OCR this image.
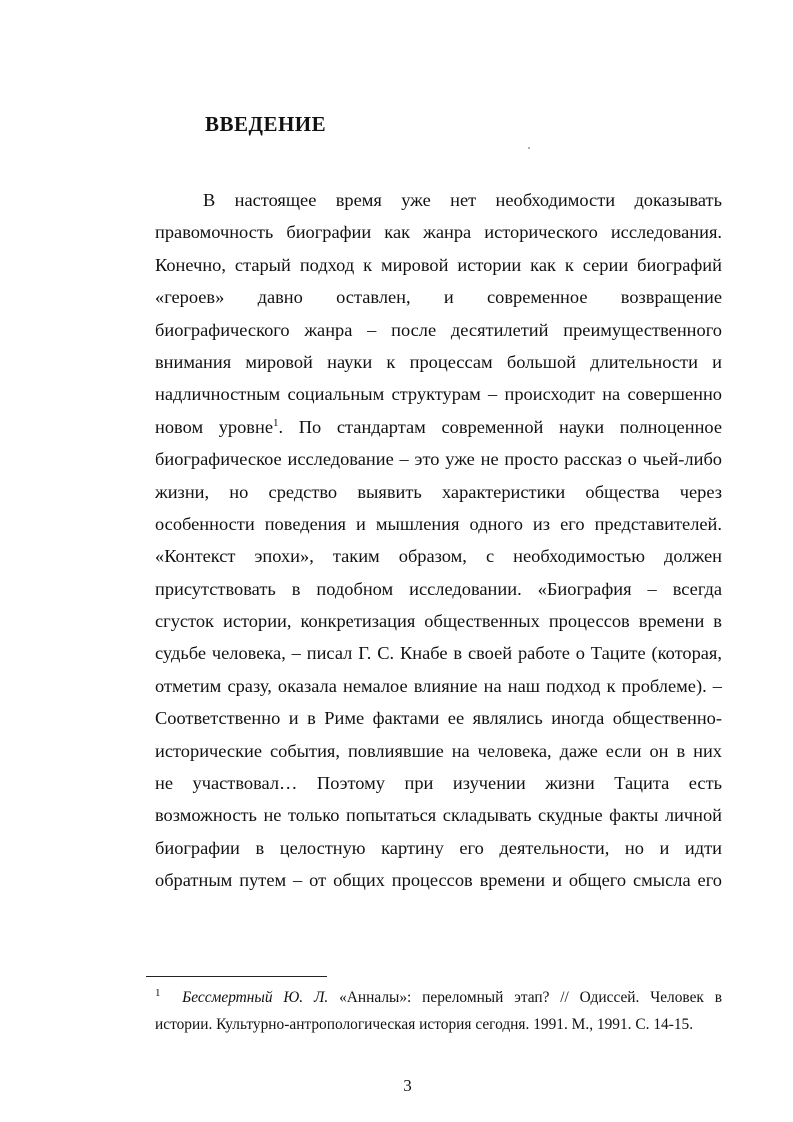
ВВЕДЕНИЕ
В настоящее время уже нет необходимости доказывать
правомочность биографии как жанра исторического исследования.
Конечно, старый подход к мировой истории как к серии биографий
«героев» давно оставлен, и современное возвращение
биографического жанра – после десятилетий преимущественного
внимания мировой науки к процессам большой длительности и
надличностным социальным структурам – происходит на совершенно
новом уровне$^1$. По стандартам современной науки полноценное
биографическое исследование – это уже не просто рассказ о чьей-либо
жизни, но средство выявить характеристики общества через
особенности поведения и мышления одного из его представителей.
«Контекст эпохи», таким образом, с необходимостью должен
присутствовать в подобном исследовании. «Биография – всегда
сгусток истории, конкретизация общественных процессов времени в
судьбе человека, – писал Г. С. Кнабе в своей работе о Таците (которая,
отметим сразу, оказала немалое влияние на наш подход к проблеме). –
Соответственно и в Риме фактами ее являлись иногда общественно-
исторические события, повлиявшие на человека, даже если он в них
не участвовал… Поэтому при изучении жизни Тацита есть
возможность не только попытаться складывать скудные факты личной
биографии в целостную картину его деятельности, но и идти
обратным путем – от общих процессов времени и общего смысла его
$^1$ Бессмертный Ю. Л. «Анналы»: переломный этап? // Одиссей. Человек в
истории. Культурно-антропологическая история сегодня. 1991. М., 1991. С. 14-15.
3
